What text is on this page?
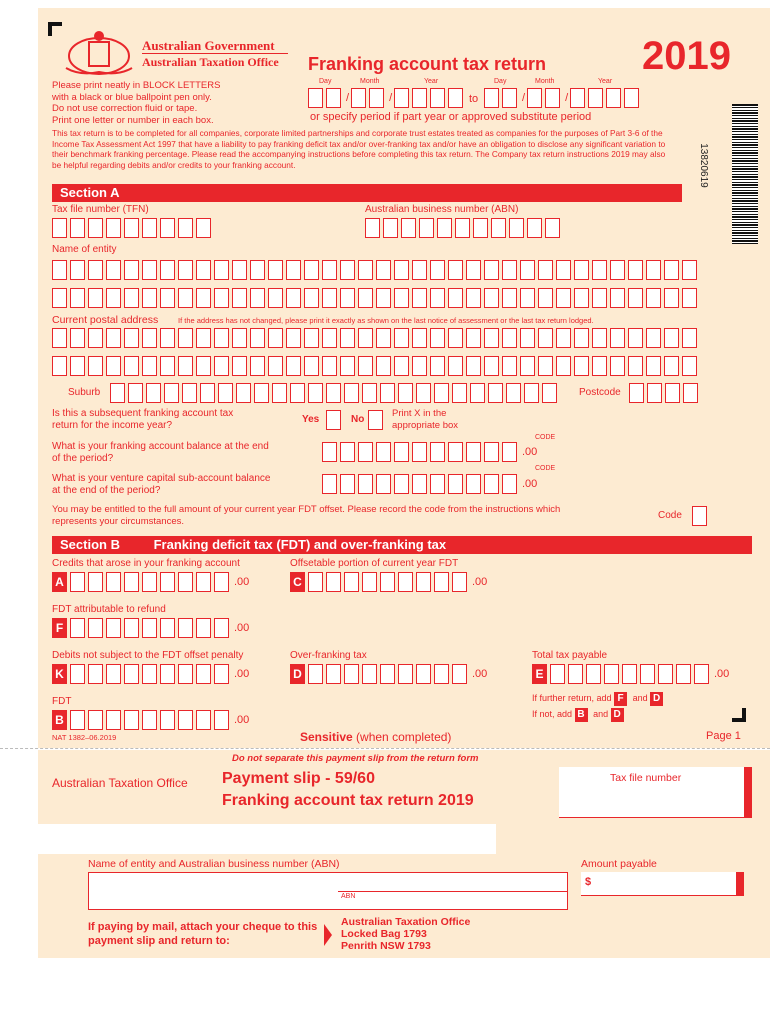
Australian Government
Australian Taxation Office Franking account tax return 2019
Please print neatly in BLOCK LETTERS
with a black or blue ballpoint pen only.
Do not use correction fluid or tape.
Print one letter or number in each box.
Day	Month	Year	Day	Month	Year
/	/	to	/	/
or specify period if part year or approved substitute period
13820619
This tax return is to be completed for all companies, corporate limited partnerships and corporate trust estates treated as companies for the purposes of Part 3-6 of the Income Tax Assessment Act 1997 that have a liability to pay franking deficit tax and/or over-franking tax and/or have an obligation to disclose any significant variation to their benchmark franking percentage. Please read the accompanying instructions before completing this tax return. The Company tax return instructions 2019 may also be helpful regarding debits and/or credits to your franking account.
Section A
Tax file number (TFN)	Australian business number (ABN)
Name of entity
Current postal address	If the address has not changed, please print it exactly as shown on the last notice of assessment or the last tax return lodged.
Suburb	Postcode
Is this a subsequent franking account tax return for the income year?
Yes	No
Print X in the appropriate box
CODE
What is your franking account balance at the end of the period?
.00
CODE
What is your venture capital sub-account balance at the end of the period?
.00
You may be entitled to the full amount of your current year FDT offset. Please record the code from the instructions which represents your circumstances.
Code
Section B	Franking deficit tax (FDT) and over-franking tax
Credits that arose in your franking account	Offsetable portion of current year FDT
A	.00	C	.00
FDT attributable to refund
F	.00
Debits not subject to the FDT offset penalty	Over-franking tax	Total tax payable
K	.00	D	.00	E	.00
If further return, add F and D
If not, add B and D
FDT
B	.00
NAT 1382–06.2019	Sensitive (when completed)	Page 1
Do not separate this payment slip from the return form
Australian Taxation Office Payment slip - 59/60
Franking account tax return 2019
Tax file number
Name of entity and Australian business number (ABN)
ABN
Amount payable
$
If paying by mail, attach your cheque to this payment slip and return to:
Australian Taxation Office
Locked Bag 1793
Penrith NSW 1793
